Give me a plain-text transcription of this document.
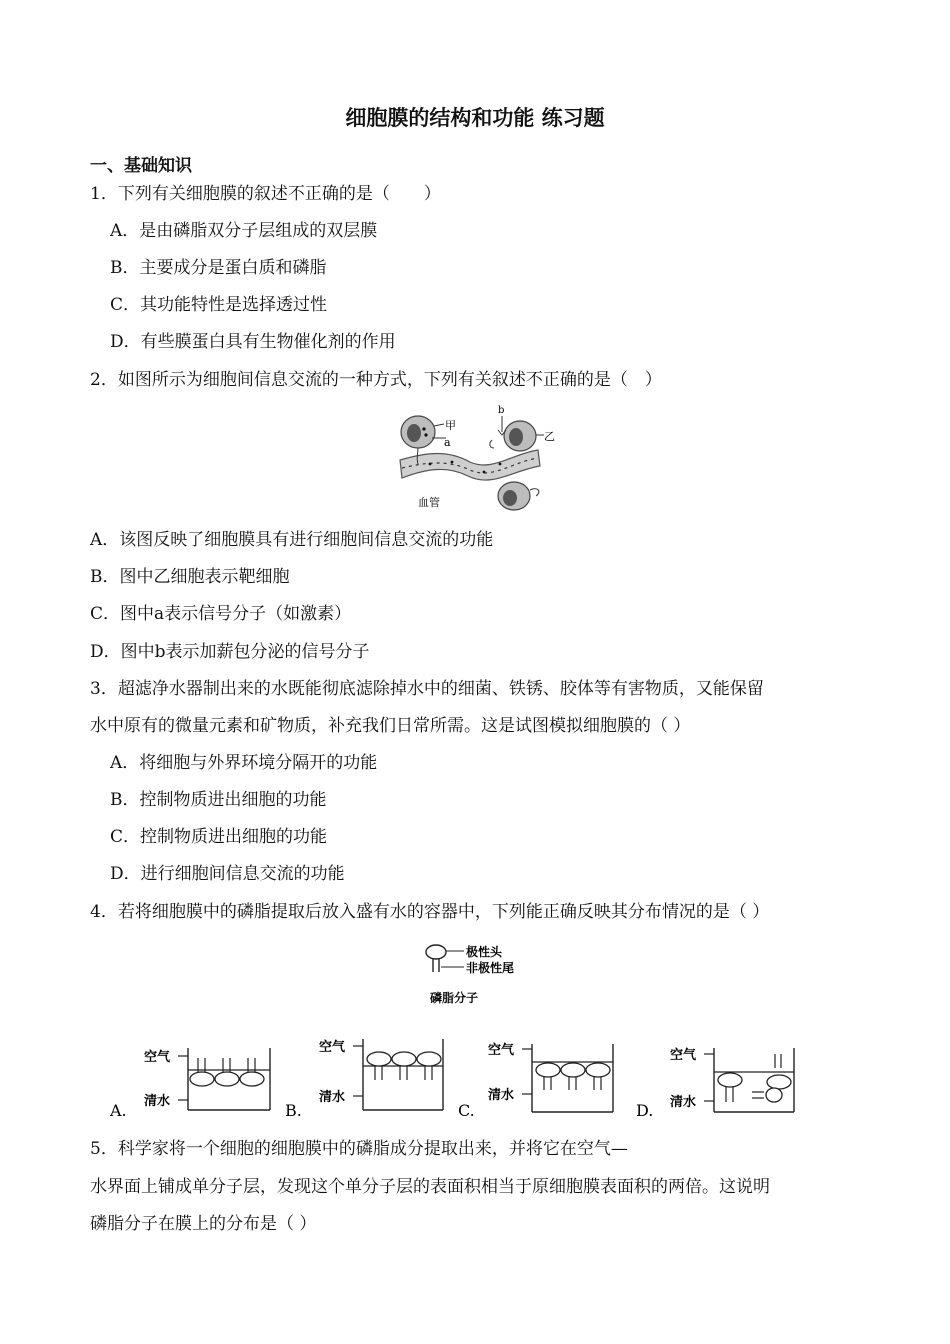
细胞膜的结构和功能 练习题
一、基础知识
1．下列有关细胞膜的叙述不正确的是（　　）
A．是由磷脂双分子层组成的双层膜
B．主要成分是蛋白质和磷脂
C．其功能特性是选择透过性
D．有些膜蛋白具有生物催化剂的作用
2．如图所示为细胞间信息交流的一种方式，下列有关叙述不正确的是（　）
甲
a	乙
b
血管
A．该图反映了细胞膜具有进行细胞间信息交流的功能
B．图中乙细胞表示靶细胞
C．图中a表示信号分子（如激素）
D．图中b表示加薪包分泌的信号分子
3．超滤净水器制出来的水既能彻底滤除掉水中的细菌、铁锈、胶体等有害物质，又能保留
水中原有的微量元素和矿物质，补充我们日常所需。这是试图模拟细胞膜的（ ）
A．将细胞与外界环境分隔开的功能
B．控制物质进出细胞的功能
C．控制物质进出细胞的功能
D．进行细胞间信息交流的功能
4．若将细胞膜中的磷脂提取后放入盛有水的容器中，下列能正确反映其分布情况的是（ ）
极性头
非极性尾
磷脂分子
A.
空气
清水	B.
空气
清水
C.
空气
清水
D.
空气
清水
5．科学家将一个细胞的细胞膜中的磷脂成分提取出来，并将它在空气—
水界面上铺成单分子层，发现这个单分子层的表面积相当于原细胞膜表面积的两倍。这说明
磷脂分子在膜上的分布是（ ）
